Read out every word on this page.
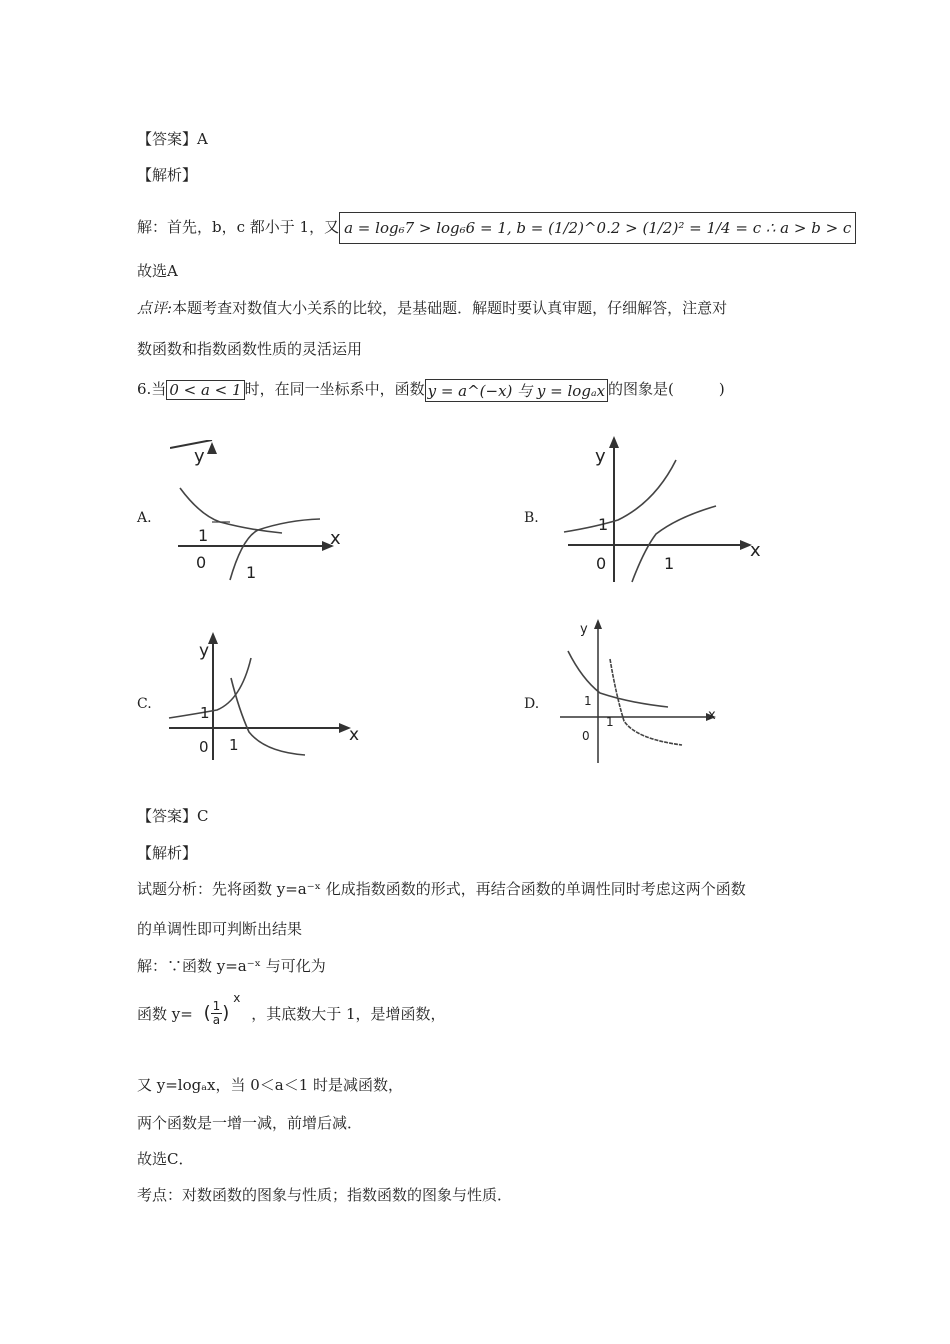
【答案】A
【解析】
解：首先，b，c 都小于 1，又 a = log₆7 > log₆6 = 1, b = (1/2)^0.2 > (1/2)² = 1/4 = c ∴ a > b > c
故选A
点评:本题考查对数值大小关系的比较，是基础题．解题时要认真审题，仔细解答，注意对
数函数和指数函数性质的灵活运用
6.当 0 < a < 1 时，在同一坐标系中，函数 y = a^(−x) 与 y = logₐx 的图象是(　　　)
A.
y
x
0
1
1
B.
y
x
0
1
1
C.
y
x
0
1
1
D.
y
x
0
1
1
【答案】C
【解析】
试题分析：先将函数 y=a⁻ˣ 化成指数函数的形式，再结合函数的单调性同时考虑这两个函数
的单调性即可判断出结果
解：∵函数 y=a⁻ˣ 与可化为
函数 y= ( $\frac{1}{a} )^x$ ，其底数大于 1，是增函数，
又 y=logₐx，当 0＜a＜1 时是减函数，
两个函数是一增一减，前增后减．
故选C．
考点：对数函数的图象与性质；指数函数的图象与性质．
